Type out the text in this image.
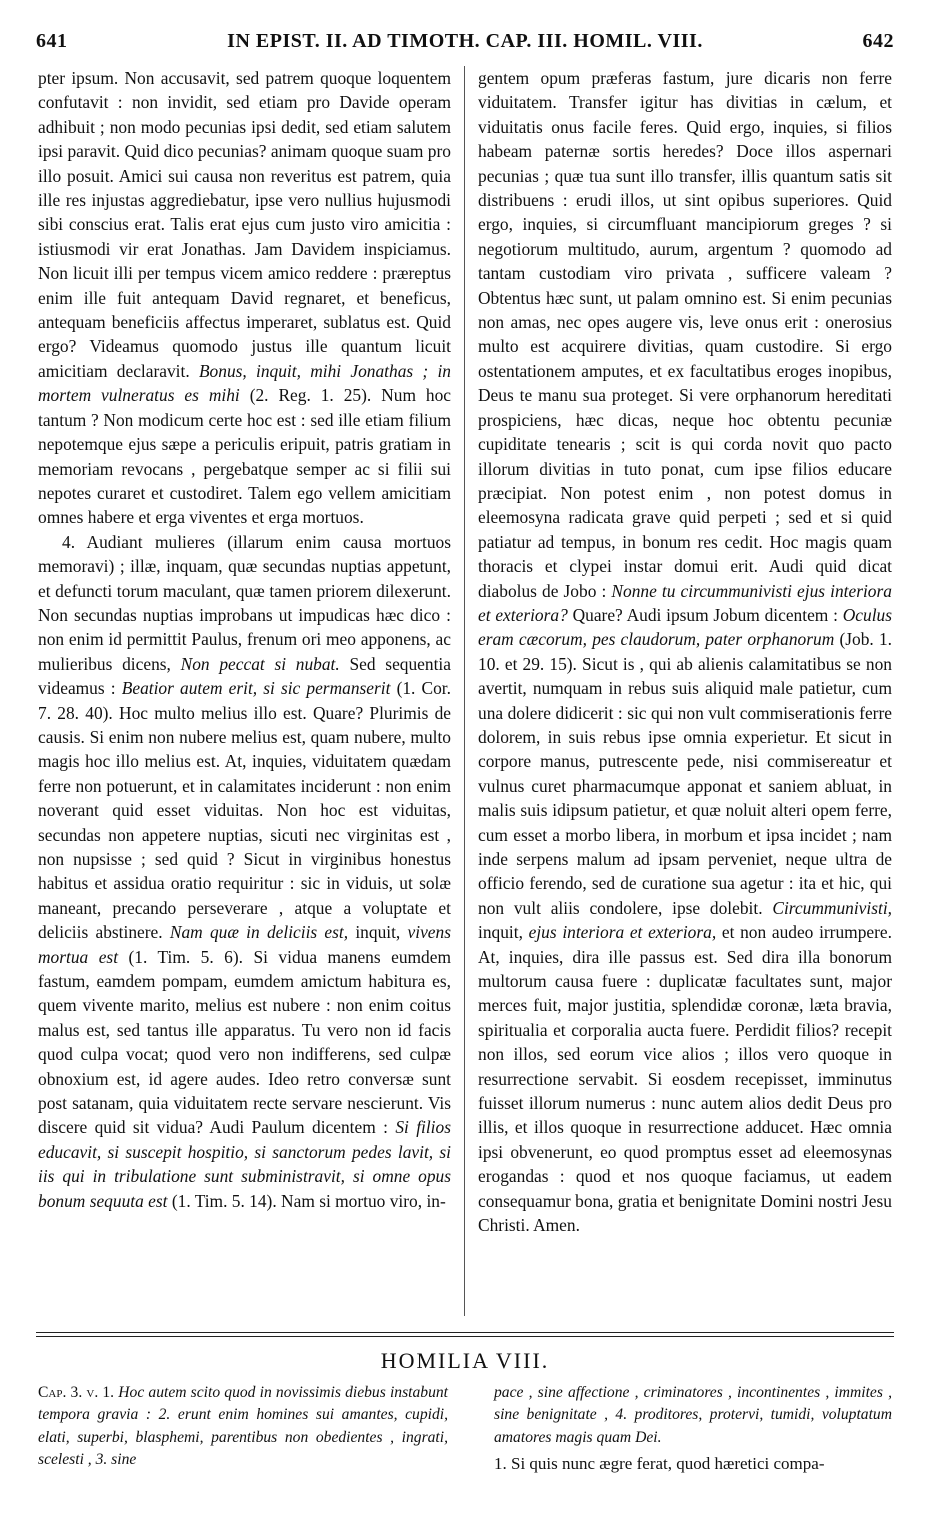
641	IN EPIST. II. AD TIMOTH. CAP. III. HOMIL. VIII.	642

pter ipsum. Non accusavit, sed patrem quoque loquentem confutavit : non invidit, sed etiam pro Davide operam adhibuit ; non modo pecunias ipsi dedit, sed etiam salutem ipsi paravit. Quid dico pecunias? animam quoque suam pro illo posuit. Amici sui causa non reveritus est patrem, quia ille res injustas aggrediebatur, ipse vero nullius hujusmodi sibi conscius erat. Talis erat ejus cum justo viro amicitia : istiusmodi vir erat Jonathas. Jam Davidem inspiciamus. Non licuit illi per tempus vicem amico reddere : præreptus enim ille fuit antequam David regnaret, et beneficus, antequam beneficiis affectus imperaret, sublatus est. Quid ergo? Videamus quomodo justus ille quantum licuit amicitiam declaravit. Bonus, inquit, mihi Jonathas ; in mortem vulneratus es mihi (2. Reg. 1. 25). Num hoc tantum ? Non modicum certe hoc est : sed ille etiam filium nepotemque ejus sæpe a periculis eripuit, patris gratiam in memoriam revocans , pergebatque semper ac si filii sui nepotes curaret et custodiret. Talem ego vellem amicitiam omnes habere et erga viventes et erga mortuos.

4. Audiant mulieres (illarum enim causa mortuos memoravi) ; illæ, inquam, quæ secundas nuptias appetunt, et defuncti torum maculant, quæ tamen priorem dilexerunt. Non secundas nuptias improbans ut impudicas hæc dico : non enim id permittit Paulus, frenum ori meo apponens, ac mulieribus dicens, Non peccat si nubat. Sed sequentia videamus : Beatior autem erit, si sic permanserit (1. Cor. 7. 28. 40). Hoc multo melius illo est. Quare? Plurimis de causis. Si enim non nubere melius est, quam nubere, multo magis hoc illo melius est. At, inquies, viduitatem quædam ferre non potuerunt, et in calamitates inciderunt : non enim noverant quid esset viduitas. Non hoc est viduitas, secundas non appetere nuptias, sicuti nec virginitas est , non nupsisse ; sed quid ? Sicut in virginibus honestus habitus et assidua oratio requiritur : sic in viduis, ut solæ maneant, precando perseverare , atque a voluptate et deliciis abstinere. Nam quæ in deliciis est, inquit, vivens mortua est (1. Tim. 5. 6). Si vidua manens eumdem fastum, eamdem pompam, eumdem amictum habitura es, quem vivente marito, melius est nubere : non enim coitus malus est, sed tantus ille apparatus. Tu vero non id facis quod culpa vocat; quod vero non indifferens, sed culpæ obnoxium est, id agere audes. Ideo retro conversæ sunt post satanam, quia viduitatem recte servare nescierunt. Vis discere quid sit vidua? Audi Paulum dicentem : Si filios educavit, si suscepit hospitio, si sanctorum pedes lavit, si iis qui in tribulatione sunt subministravit, si omne opus bonum sequuta est (1. Tim. 5. 14). Nam si mortuo viro, in-

gentem opum præferas fastum, jure dicaris non ferre viduitatem. Transfer igitur has divitias in cælum, et viduitatis onus facile feres. Quid ergo, inquies, si filios habeam paternæ sortis heredes? Doce illos aspernari pecunias ; quæ tua sunt illo transfer, illis quantum satis sit distribuens : erudi illos, ut sint opibus superiores. Quid ergo, inquies, si circumfluant mancipiorum greges ? si negotiorum multitudo, aurum, argentum ? quomodo ad tantam custodiam viro privata , sufficere valeam ? Obtentus hæc sunt, ut palam omnino est. Si enim pecunias non amas, nec opes augere vis, leve onus erit : onerosius multo est acquirere divitias, quam custodire. Si ergo ostentationem amputes, et ex facultatibus eroges inopibus, Deus te manu sua proteget. Si vere orphanorum hereditati prospiciens, hæc dicas, neque hoc obtentu pecuniæ cupiditate tenearis ; scit is qui corda novit quo pacto illorum divitias in tuto ponat, cum ipse filios educare præcipiat. Non potest enim , non potest domus in eleemosyna radicata grave quid perpeti ; sed et si quid patiatur ad tempus, in bonum res cedit. Hoc magis quam thoracis et clypei instar domui erit. Audi quid dicat diabolus de Jobo : Nonne tu circummunivisti ejus interiora et exteriora? Quare? Audi ipsum Jobum dicentem : Oculus eram cæcorum, pes claudorum, pater orphanorum (Job. 1. 10. et 29. 15). Sicut is , qui ab alienis calamitatibus se non avertit, numquam in rebus suis aliquid male patietur, cum una dolere didicerit : sic qui non vult commiserationis ferre dolorem, in suis rebus ipse omnia experietur. Et sicut in corpore manus, putrescente pede, nisi commisereatur et vulnus curet pharmacumque apponat et saniem abluat, in malis suis idipsum patietur, et quæ noluit alteri opem ferre, cum esset a morbo libera, in morbum et ipsa incidet ; nam inde serpens malum ad ipsam perveniet, neque ultra de officio ferendo, sed de curatione sua agetur : ita et hic, qui non vult aliis condolere, ipse dolebit. Circummunivisti, inquit, ejus interiora et exteriora, et non audeo irrumpere. At, inquies, dira ille passus est. Sed dira illa bonorum multorum causa fuere : duplicatæ facultates sunt, major merces fuit, major justitia, splendidæ coronæ, læta bravia, spiritualia et corporalia aucta fuere. Perdidit filios? recepit non illos, sed eorum vice alios ; illos vero quoque in resurrectione servabit. Si eosdem recepisset, imminutus fuisset illorum numerus : nunc autem alios dedit Deus pro illis, et illos quoque in resurrectione adducet. Hæc omnia ipsi obvenerunt, eo quod promptus esset ad eleemosynas erogandas : quod et nos quoque faciamus, ut eadem consequamur bona, gratia et benignitate Domini nostri Jesu Christi. Amen.

HOMILIA VIII.
Cap. 3. v. 1. Hoc autem scito quod in novissimis diebus instabunt tempora gravia : 2. erunt enim homines sui amantes, cupidi, elati, superbi, blasphemi, parentibus non obedientes , ingrati, scelesti , 3. sine
pace , sine affectione , criminatores , incontinentes , immites , sine benignitate , 4. proditores, protervi, tumidi, voluptatum amatores magis quam Dei.
1. Si quis nunc ægre ferat, quod hæretici compa-
